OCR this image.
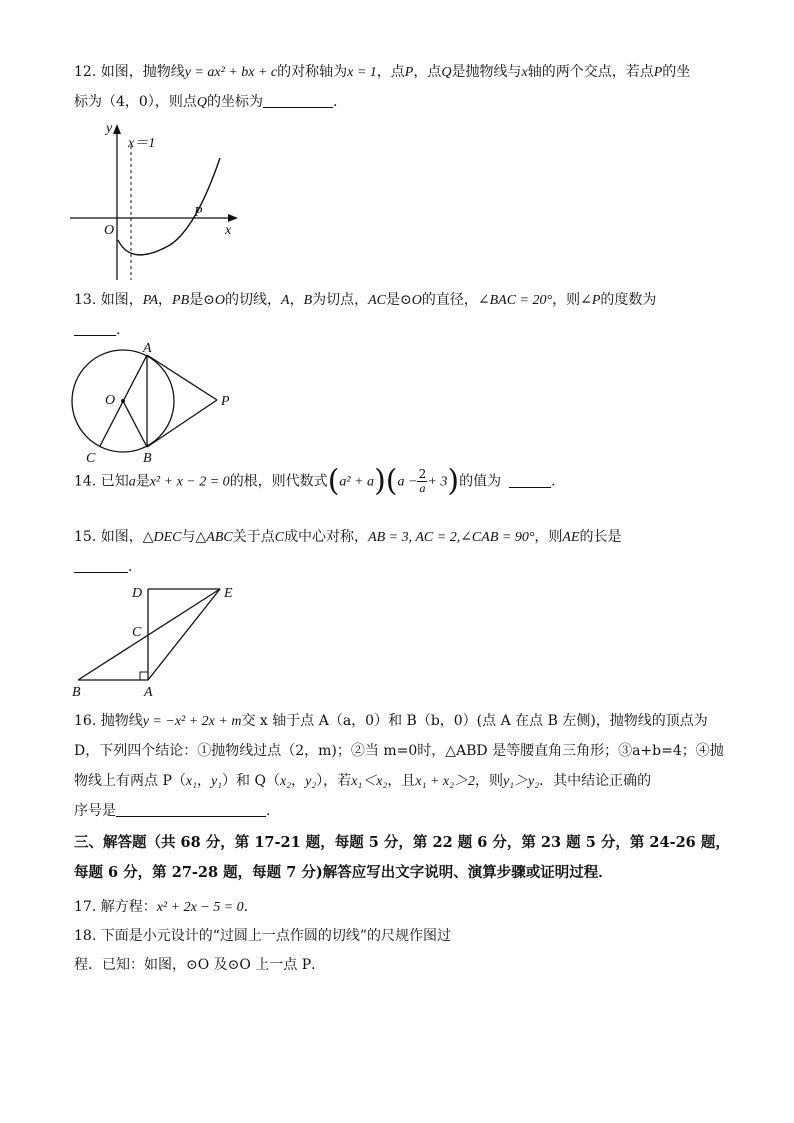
12. 如图，抛物线y = ax² + bx + c的对称轴为x = 1，点P，点Q是抛物线与x轴的两个交点，若点P的坐
标为（4，0），则点Q的坐标为	.
y
x
O
P
x＝1
13. 如图，PA，PB是⊙O的切线，A，B为切点，AC是⊙O的直径，∠BAC = 20°，则∠P的度数为
.
A
O	P
B
C
14. 已知a是x² + x − 2 = 0的根，则代数式$(a^2 + a)(a - \frac{2}{a} + 3)$的值为	.
15. 如图，△DEC与△ABC关于点C成中心对称，AB = 3, AC = 2,∠CAB = 90°，则AE的长是
.
D	E
C
B	A
16. 抛物线y = −x² + 2x + m交 x 轴于点 A（a，0）和 B（b，0）(点 A 在点 B 左侧)，抛物线的顶点为
D，下列四个结论：①抛物线过点（2，m)；②当 m=0时，△ABD 是等腰直角三角形；③a+b=4；④抛
物线上有两点 P（x₁，y₁）和 Q（x₂，y₂），若x₁＜x₂，且x₁ + x₂＞2，则y₁＞y₂．其中结论正确的
序号是	.
三、解答题（共 68 分，第 17-21 题，每题 5 分，第 22 题 6 分，第 23 题 5 分，第 24-26 题，
每题 6 分，第 27-28 题，每题 7 分)解答应写出文字说明、演算步骤或证明过程．
17. 解方程：x² + 2x − 5 = 0．
18. 下面是小元设计的“过圆上一点作圆的切线”的尺规作图过
程．已知：如图，⊙O 及⊙O 上一点 P．
